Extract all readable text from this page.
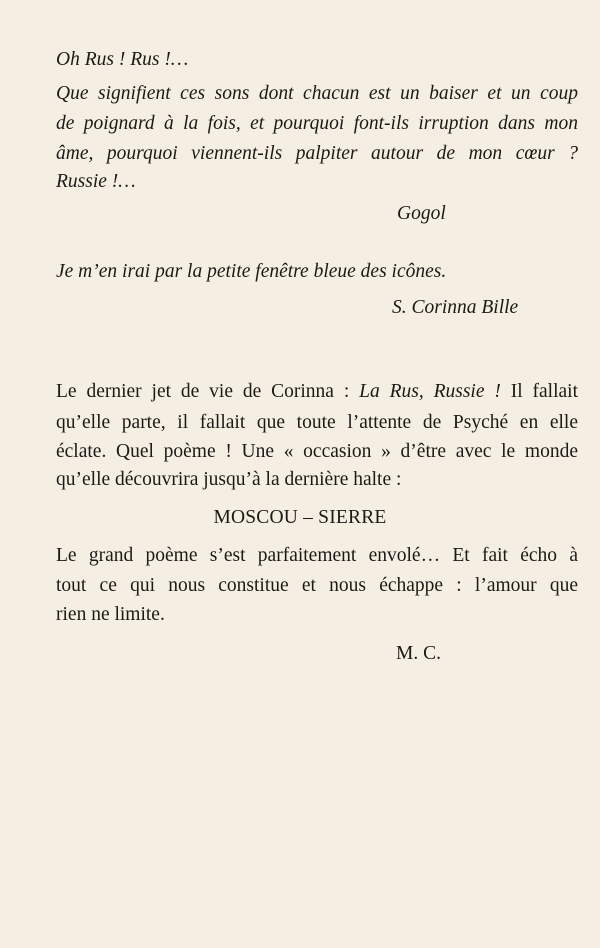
Oh Rus ! Rus !…
Que signifient ces sons dont chacun est un baiser et un coup
de poignard à la fois, et pourquoi font-ils irruption dans mon
âme, pourquoi viennent-ils palpiter autour de mon cœur ?
Russie !…
Gogol
Je m’en irai par la petite fenêtre bleue des icônes.
S. Corinna Bille
Le dernier jet de vie de Corinna : La Rus, Russie ! Il fallait
qu’elle parte, il fallait que toute l’attente de Psyché en elle
éclate. Quel poème ! Une « occasion » d’être avec le monde
qu’elle découvrira jusqu’à la dernière halte :
MOSCOU – SIERRE
Le grand poème s’est parfaitement envolé… Et fait écho à
tout ce qui nous constitue et nous échappe : l’amour que
rien ne limite.
M. C.
